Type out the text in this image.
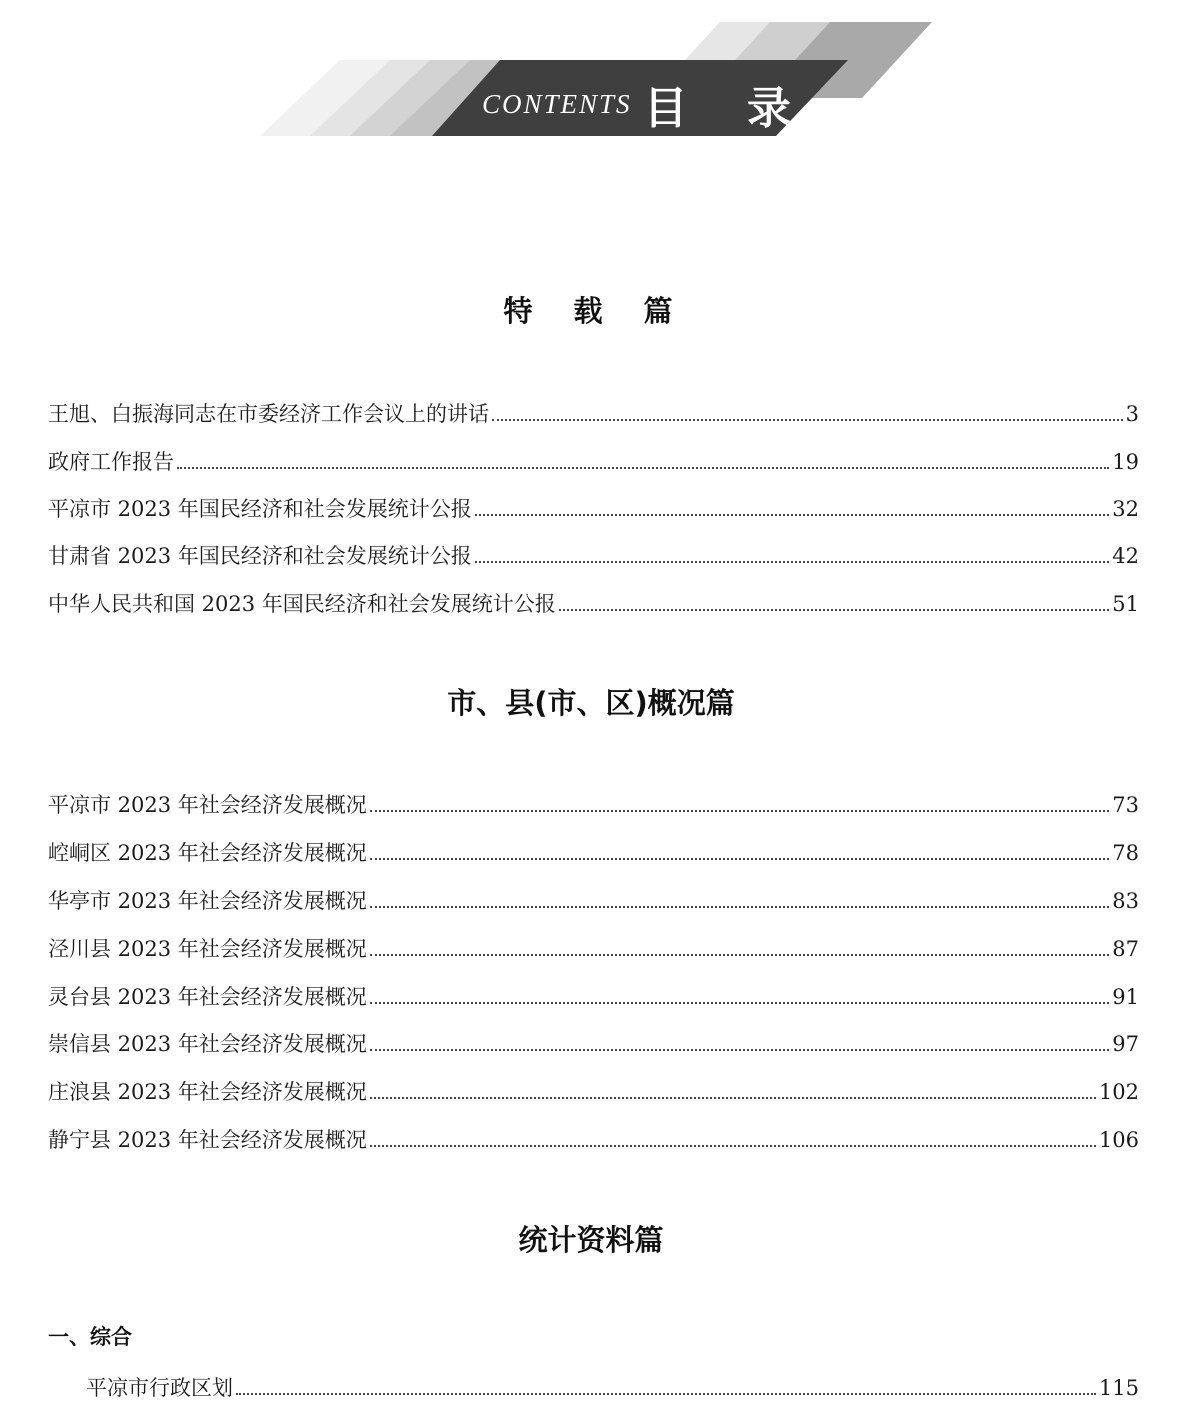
CONTENTS 目 录
特　载　篇
王旭、白振海同志在市委经济工作会议上的讲话	3
政府工作报告	19
平凉市 2023 年国民经济和社会发展统计公报	32
甘肃省 2023 年国民经济和社会发展统计公报	42
中华人民共和国 2023 年国民经济和社会发展统计公报	51
市、县(市、区)概况篇
平凉市 2023 年社会经济发展概况	73
崆峒区 2023 年社会经济发展概况	78
华亭市 2023 年社会经济发展概况	83
泾川县 2023 年社会经济发展概况	87
灵台县 2023 年社会经济发展概况	91
崇信县 2023 年社会经济发展概况	97
庄浪县 2023 年社会经济发展概况	102
静宁县 2023 年社会经济发展概况	106
统计资料篇
一、综合
平凉市行政区划	115
